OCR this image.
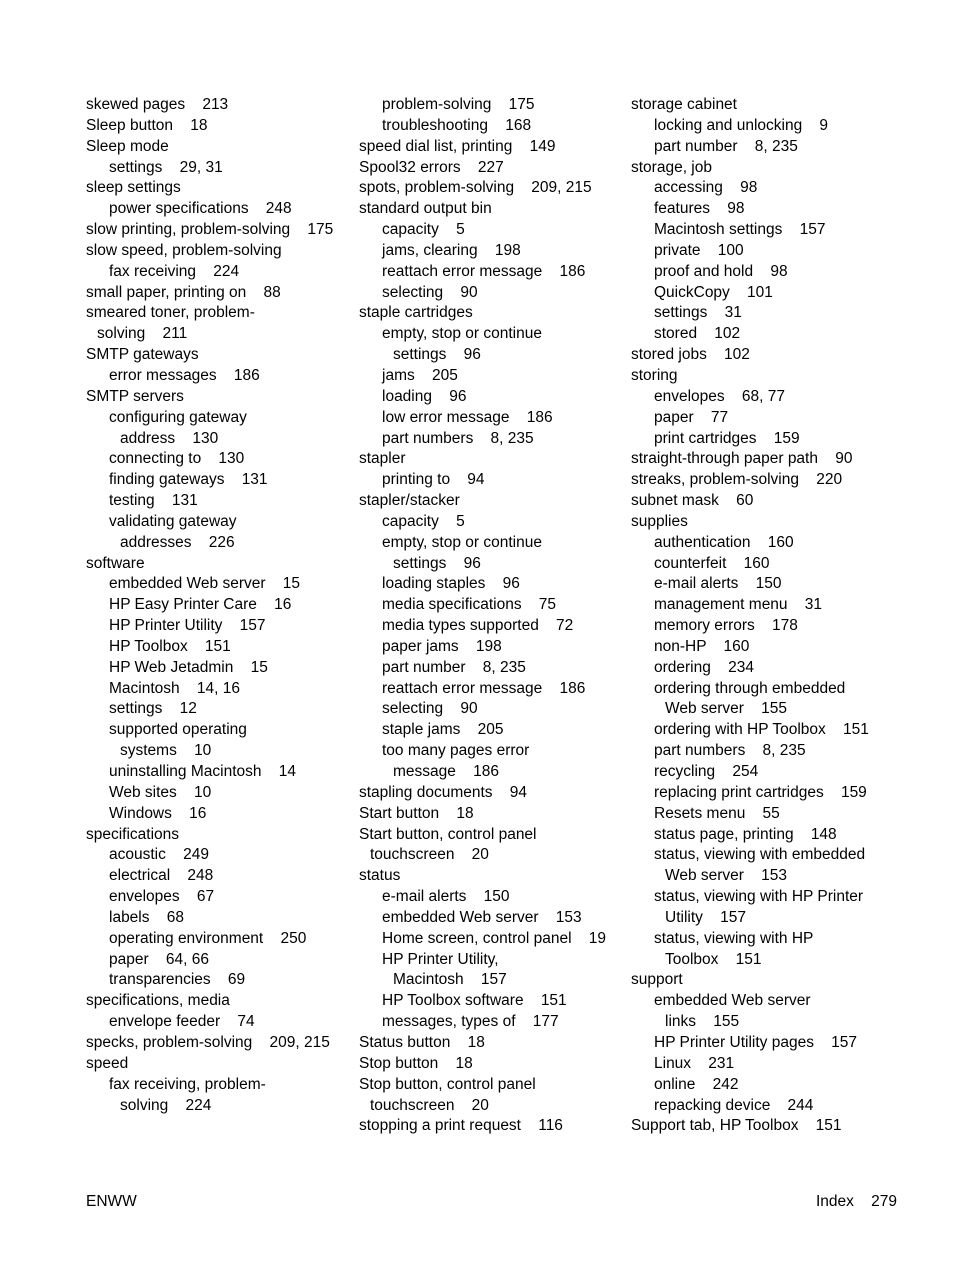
skewed pages    213
Sleep button    18
Sleep mode
settings    29, 31
sleep settings
power specifications    248
slow printing, problem-solving    175
slow speed, problem-solving
fax receiving    224
small paper, printing on    88
smeared toner, problem-
solving    211
SMTP gateways
error messages    186
SMTP servers
configuring gateway
address    130
connecting to    130
finding gateways    131
testing    131
validating gateway
addresses    226
software
embedded Web server    15
HP Easy Printer Care    16
HP Printer Utility    157
HP Toolbox    151
HP Web Jetadmin    15
Macintosh    14, 16
settings    12
supported operating
systems    10
uninstalling Macintosh    14
Web sites    10
Windows    16
specifications
acoustic    249
electrical    248
envelopes    67
labels    68
operating environment    250
paper    64, 66
transparencies    69
specifications, media
envelope feeder    74
specks, problem-solving    209, 215
speed
fax receiving, problem-
solving    224
problem-solving    175
troubleshooting    168
speed dial list, printing    149
Spool32 errors    227
spots, problem-solving    209, 215
standard output bin
capacity    5
jams, clearing    198
reattach error message    186
selecting    90
staple cartridges
empty, stop or continue
settings    96
jams    205
loading    96
low error message    186
part numbers    8, 235
stapler
printing to    94
stapler/stacker
capacity    5
empty, stop or continue
settings    96
loading staples    96
media specifications    75
media types supported    72
paper jams    198
part number    8, 235
reattach error message    186
selecting    90
staple jams    205
too many pages error
message    186
stapling documents    94
Start button    18
Start button, control panel
touchscreen    20
status
e-mail alerts    150
embedded Web server    153
Home screen, control panel    19
HP Printer Utility,
Macintosh    157
HP Toolbox software    151
messages, types of    177
Status button    18
Stop button    18
Stop button, control panel
touchscreen    20
stopping a print request    116
storage cabinet
locking and unlocking    9
part number    8, 235
storage, job
accessing    98
features    98
Macintosh settings    157
private    100
proof and hold    98
QuickCopy    101
settings    31
stored    102
stored jobs    102
storing
envelopes    68, 77
paper    77
print cartridges    159
straight-through paper path    90
streaks, problem-solving    220
subnet mask    60
supplies
authentication    160
counterfeit    160
e-mail alerts    150
management menu    31
memory errors    178
non-HP    160
ordering    234
ordering through embedded
Web server    155
ordering with HP Toolbox    151
part numbers    8, 235
recycling    254
replacing print cartridges    159
Resets menu    55
status page, printing    148
status, viewing with embedded
Web server    153
status, viewing with HP Printer
Utility    157
status, viewing with HP
Toolbox    151
support
embedded Web server
links    155
HP Printer Utility pages    157
Linux    231
online    242
repacking device    244
Support tab, HP Toolbox    151
ENWW	Index    279
